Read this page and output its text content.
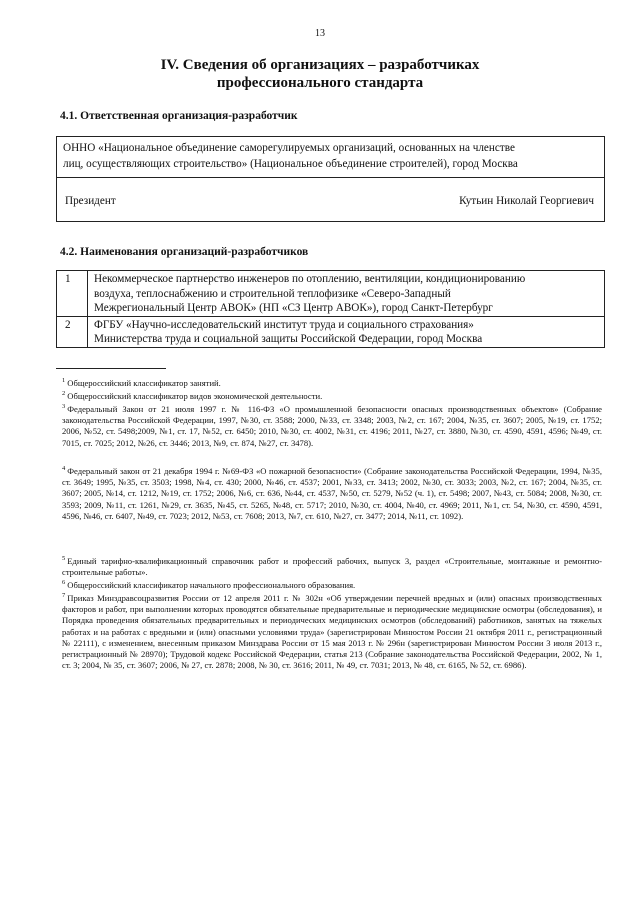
13
IV. Сведения об организациях – разработчиках
профессионального стандарта
4.1. Ответственная организация-разработчик
ОННО «Национальное объединение саморегулируемых организаций, основанных на членстве
лиц, осуществляющих строительство» (Национальное объединение строителей), город Москва
Президент	Кутьин Николай Георгиевич
4.2. Наименования организаций-разработчиков
1	Некоммерческое партнерство инженеров по отоплению, вентиляции, кондиционированию
воздуха, теплоснабжению и строительной теплофизике «Северо-Западный
Межрегиональный Центр АВОК» (НП «СЗ Центр АВОК»), город Санкт-Петербург

2	ФГБУ «Научно-исследовательский институт труда и социального страхования»
Министерства труда и социальной защиты Российской Федерации, город Москва
$^1$ Общероссийский классификатор занятий.
$^2$ Общероссийский классификатор видов экономической деятельности.
$^3$ Федеральный Закон от 21 июля 1997 г. № 116-ФЗ «О промышленной безопасности опасных производственных объектов» (Собрание законодательства Российской Федерации, 1997, №30, ст. 3588; 2000, №33, ст. 3348; 2003, №2, ст. 167; 2004, №35, ст. 3607; 2005, №19, ст. 1752; 2006, №52, ст. 5498;2009, №1, ст. 17, №52, ст. 6450; 2010, №30, ст. 4002, №31, ст. 4196; 2011, №27, ст. 3880, №30, ст. 4590, 4591, 4596; №49, ст. 7015, ст. 7025; 2012, №26, ст. 3446; 2013, №9, ст. 874, №27, ст. 3478).
$^4$ Федеральный закон от 21 декабря 1994 г. №69-ФЗ «О пожарной безопасности» (Собрание законодательства Российской Федерации, 1994, №35, ст. 3649; 1995, №35, ст. 3503; 1998, №4, ст. 430; 2000, №46, ст. 4537; 2001, №33, ст. 3413; 2002, №30, ст. 3033; 2003, №2, ст. 167; 2004, №35, ст. 3607; 2005, №14, ст. 1212, №19, ст. 1752; 2006, №6, ст. 636, №44, ст. 4537, №50, ст. 5279, №52 (ч. 1), ст. 5498; 2007, №43, ст. 5084; 2008, №30, ст. 3593; 2009, №11, ст. 1261, №29, ст. 3635, №45, ст. 5265, №48, ст. 5717; 2010, №30, ст. 4004, №40, ст. 4969; 2011, №1, ст. 54, №30, ст. 4590, 4591, 4596, №46, ст. 6407, №49, ст. 7023; 2012, №53, ст. 7608; 2013, №7, ст. 610, №27, ст. 3477; 2014, №11, ст. 1092).
$^5$ Единый тарифно-квалификационный справочник работ и профессий рабочих, выпуск 3, раздел «Строительные, монтажные и ремонтно-строительные работы».
$^6$ Общероссийский классификатор начального профессионального образования.
$^7$ Приказ Минздравсоцразвития России от 12 апреля 2011 г. № 302н «Об утверждении перечней вредных и (или) опасных производственных факторов и работ, при выполнении которых проводятся обязательные предварительные и периодические медицинские осмотры (обследования), и Порядка проведения обязательных предварительных и периодических медицинских осмотров (обследований) работников, занятых на тяжелых работах и на работах с вредными и (или) опасными условиями труда» (зарегистрирован Минюстом России 21 октября 2011 г., регистрационный № 22111), с изменением, внесенным приказом Минздрава России от 15 мая 2013 г. № 296н (зарегистрирован Минюстом России 3 июля 2013 г., регистрационный № 28970); Трудовой кодекс Российской Федерации, статья 213 (Собрание законодательства Российской Федерации, 2002, № 1, ст. 3; 2004, № 35, ст. 3607; 2006, № 27, ст. 2878; 2008, № 30, ст. 3616; 2011, № 49, ст. 7031; 2013, № 48, ст. 6165, № 52, ст. 6986).
